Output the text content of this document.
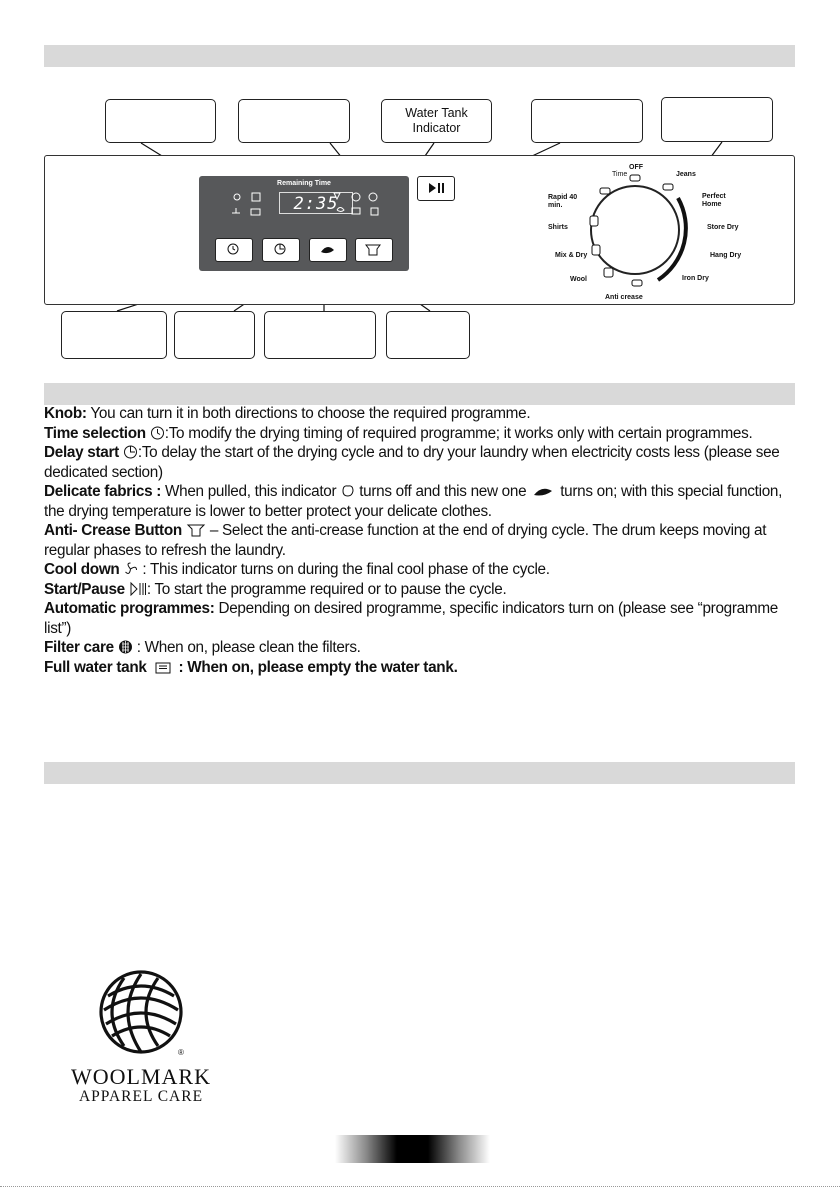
Water Tank
Indicator
Remaining Time
2:35
OFF
Time	Jeans
Perfect Home
Rapid 40 min.
Store Dry
Shirts
Hang Dry
Mix & Dry
Iron Dry
Wool
Anti crease

Knob: You can turn it in both directions to choose the required programme.

Time selection :To modify the drying timing of required programme; it works only with certain programmes.

Delay start :To delay the start of the drying cycle and to dry your laundry when electricity costs less (please see dedicated section)

Delicate fabrics : When pulled, this indicator  turns off and this new one  turns on; with this special function, the drying temperature is lower to better protect your delicate clothes.

Anti- Crease Button  – Select the anti-crease function at the end of drying cycle. The drum keeps moving at regular phases to refresh the laundry.

Cool down  : This indicator turns on during the final cool phase of the cycle.

Start/Pause : To start the programme required or to pause the cycle.

Automatic programmes: Depending on desired programme, specific indicators turn on (please see “programme list”)

Filter care  : When on, please clean the filters.

Full water tank  : When on, please empty the water tank.

®
WOOLMARK
APPAREL CARE
